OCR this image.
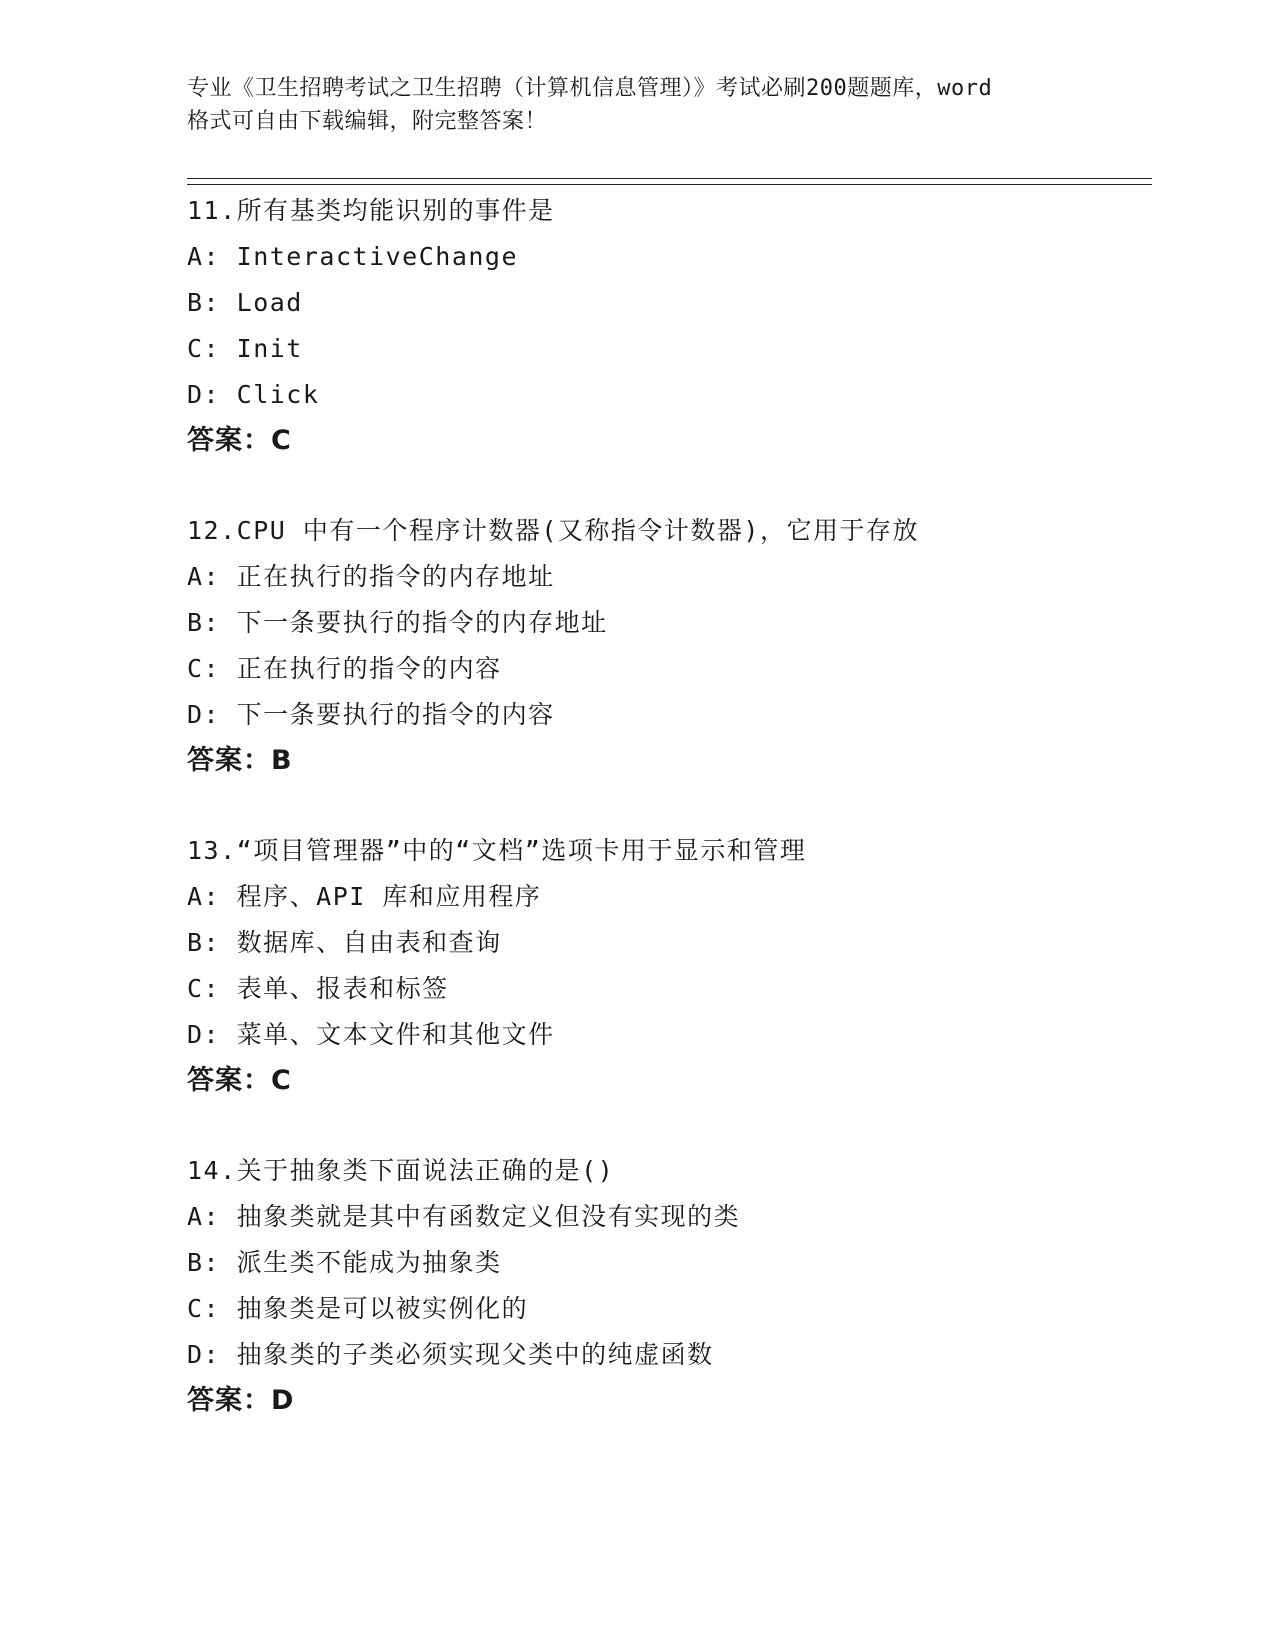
专业《卫生招聘考试之卫生招聘（计算机信息管理）》考试必刷200题题库，word
格式可自由下载编辑，附完整答案！
11.所有基类均能识别的事件是
A: InteractiveChange
B: Load
C: Init
D: Click
答案：C
12.CPU 中有一个程序计数器(又称指令计数器)，它用于存放
A: 正在执行的指令的内存地址
B: 下一条要执行的指令的内存地址
C: 正在执行的指令的内容
D: 下一条要执行的指令的内容
答案：B
13.“项目管理器”中的“文档”选项卡用于显示和管理
A: 程序、API 库和应用程序
B: 数据库、自由表和查询
C: 表单、报表和标签
D: 菜单、文本文件和其他文件
答案：C
14.关于抽象类下面说法正确的是()
A: 抽象类就是其中有函数定义但没有实现的类
B: 派生类不能成为抽象类
C: 抽象类是可以被实例化的
D: 抽象类的子类必须实现父类中的纯虚函数
答案：D
